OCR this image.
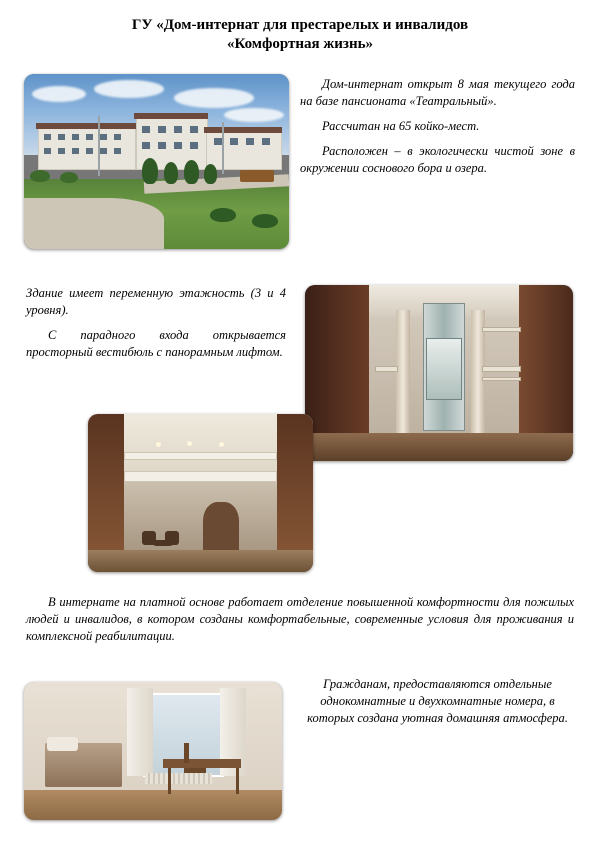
ГУ «Дом-интернат для престарелых и инвалидов
«Комфортная жизнь»

Дом-интернат открыт 8 мая текущего года на базе пансионата «Театральный».

Рассчитан на 65 койко-мест.

Расположен – в экологически чистой зоне в окружении соснового бора и озера.

Здание имеет переменную этажность (3 и 4 уровня).

С парадного входа открывается просторный вестибюль с панорамным лифтом.

В интернате на платной основе работает отделение повышенной комфортности для пожилых людей и инвалидов, в котором созданы комфортабельные, современные условия для проживания и комплексной реабилитации.

Гражданам, предоставляются отдельные однокомнатные и двухкомнатные номера, в которых создана уютная домашняя атмосфера.
